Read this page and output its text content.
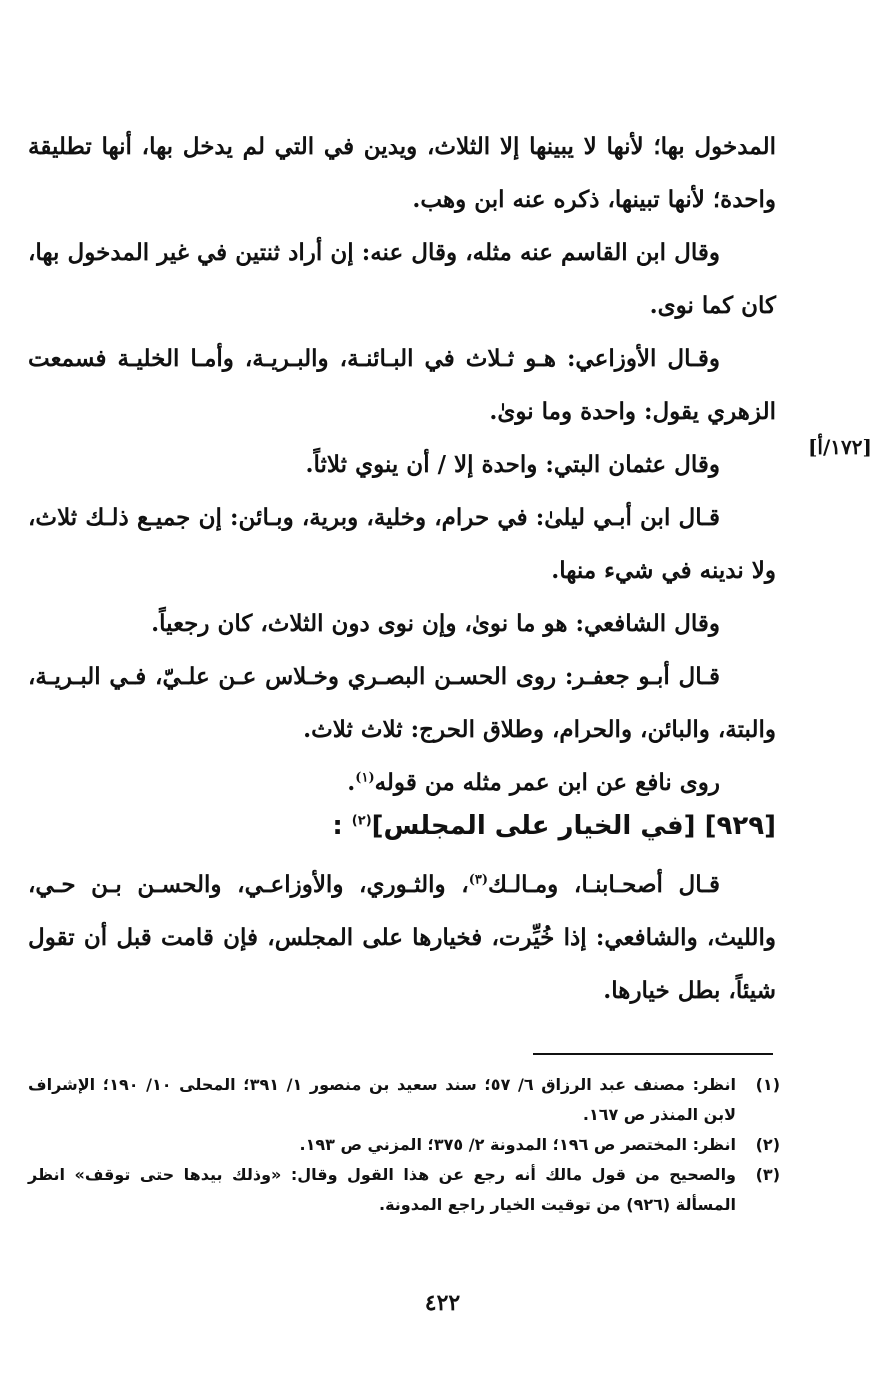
[١٧٢/أ]

المدخول بها؛ لأنها لا يبينها إلا الثلاث، ويدين في التي لم يدخل بها، أنها تطليقة واحدة؛ لأنها تبينها، ذكره عنه ابن وهب.

وقال ابن القاسم عنه مثله، وقال عنه: إن أراد ثنتين في غير المدخول بها، كان كما نوى.

وقـال الأوزاعي: هـو ثـلاث في البـائنـة، والبـريـة، وأمـا الخليـة فسمعت الزهري يقول: واحدة وما نوىٰ.

وقال عثمان البتي: واحدة إلا / أن ينوي ثلاثاً.

قـال ابن أبـي ليلىٰ: في حرام، وخلية، وبرية، وبـائن: إن جميـع ذلـك ثلاث، ولا ندينه في شيء منها.

وقال الشافعي: هو ما نوىٰ، وإن نوى دون الثلاث، كان رجعياً.

قـال أبـو جعفـر: روى الحسـن البصـري وخـلاس عـن علـيّ، فـي البـريـة، والبتة، والبائن، والحرام، وطلاق الحرج: ثلاث ثلاث.

روى نافع عن ابن عمر مثله من قوله$^{(١)}$.

[٩٢٩] [في الخيار على المجلس]$^{(٢)}$ :

قـال أصحـابنـا، ومـالـك$^{(٣)}$، والثـوري، والأوزاعـي، والحسـن بـن حـي، والليث، والشافعي: إذا خُيِّرت، فخيارها على المجلس، فإن قامت قبل أن تقول شيئاً، بطل خيارها.

(١)
انظر: مصنف عبد الرزاق ٦/ ٥٧؛ سند سعيد بن منصور ١/ ٣٩١؛ المحلى ١٠/ ١٩٠؛ الإشراف لابن المنذر ص ١٦٧.
(٢)
انظر: المختصر ص ١٩٦؛ المدونة ٢/ ٣٧٥؛ المزني ص ١٩٣.
(٣)
والصحيح من قول مالك أنه رجع عن هذا القول وقال: «وذلك بيدها حتى توقف» انظر المسألة (٩٢٦) من توقيت الخيار راجع المدونة.
٤٢٢
